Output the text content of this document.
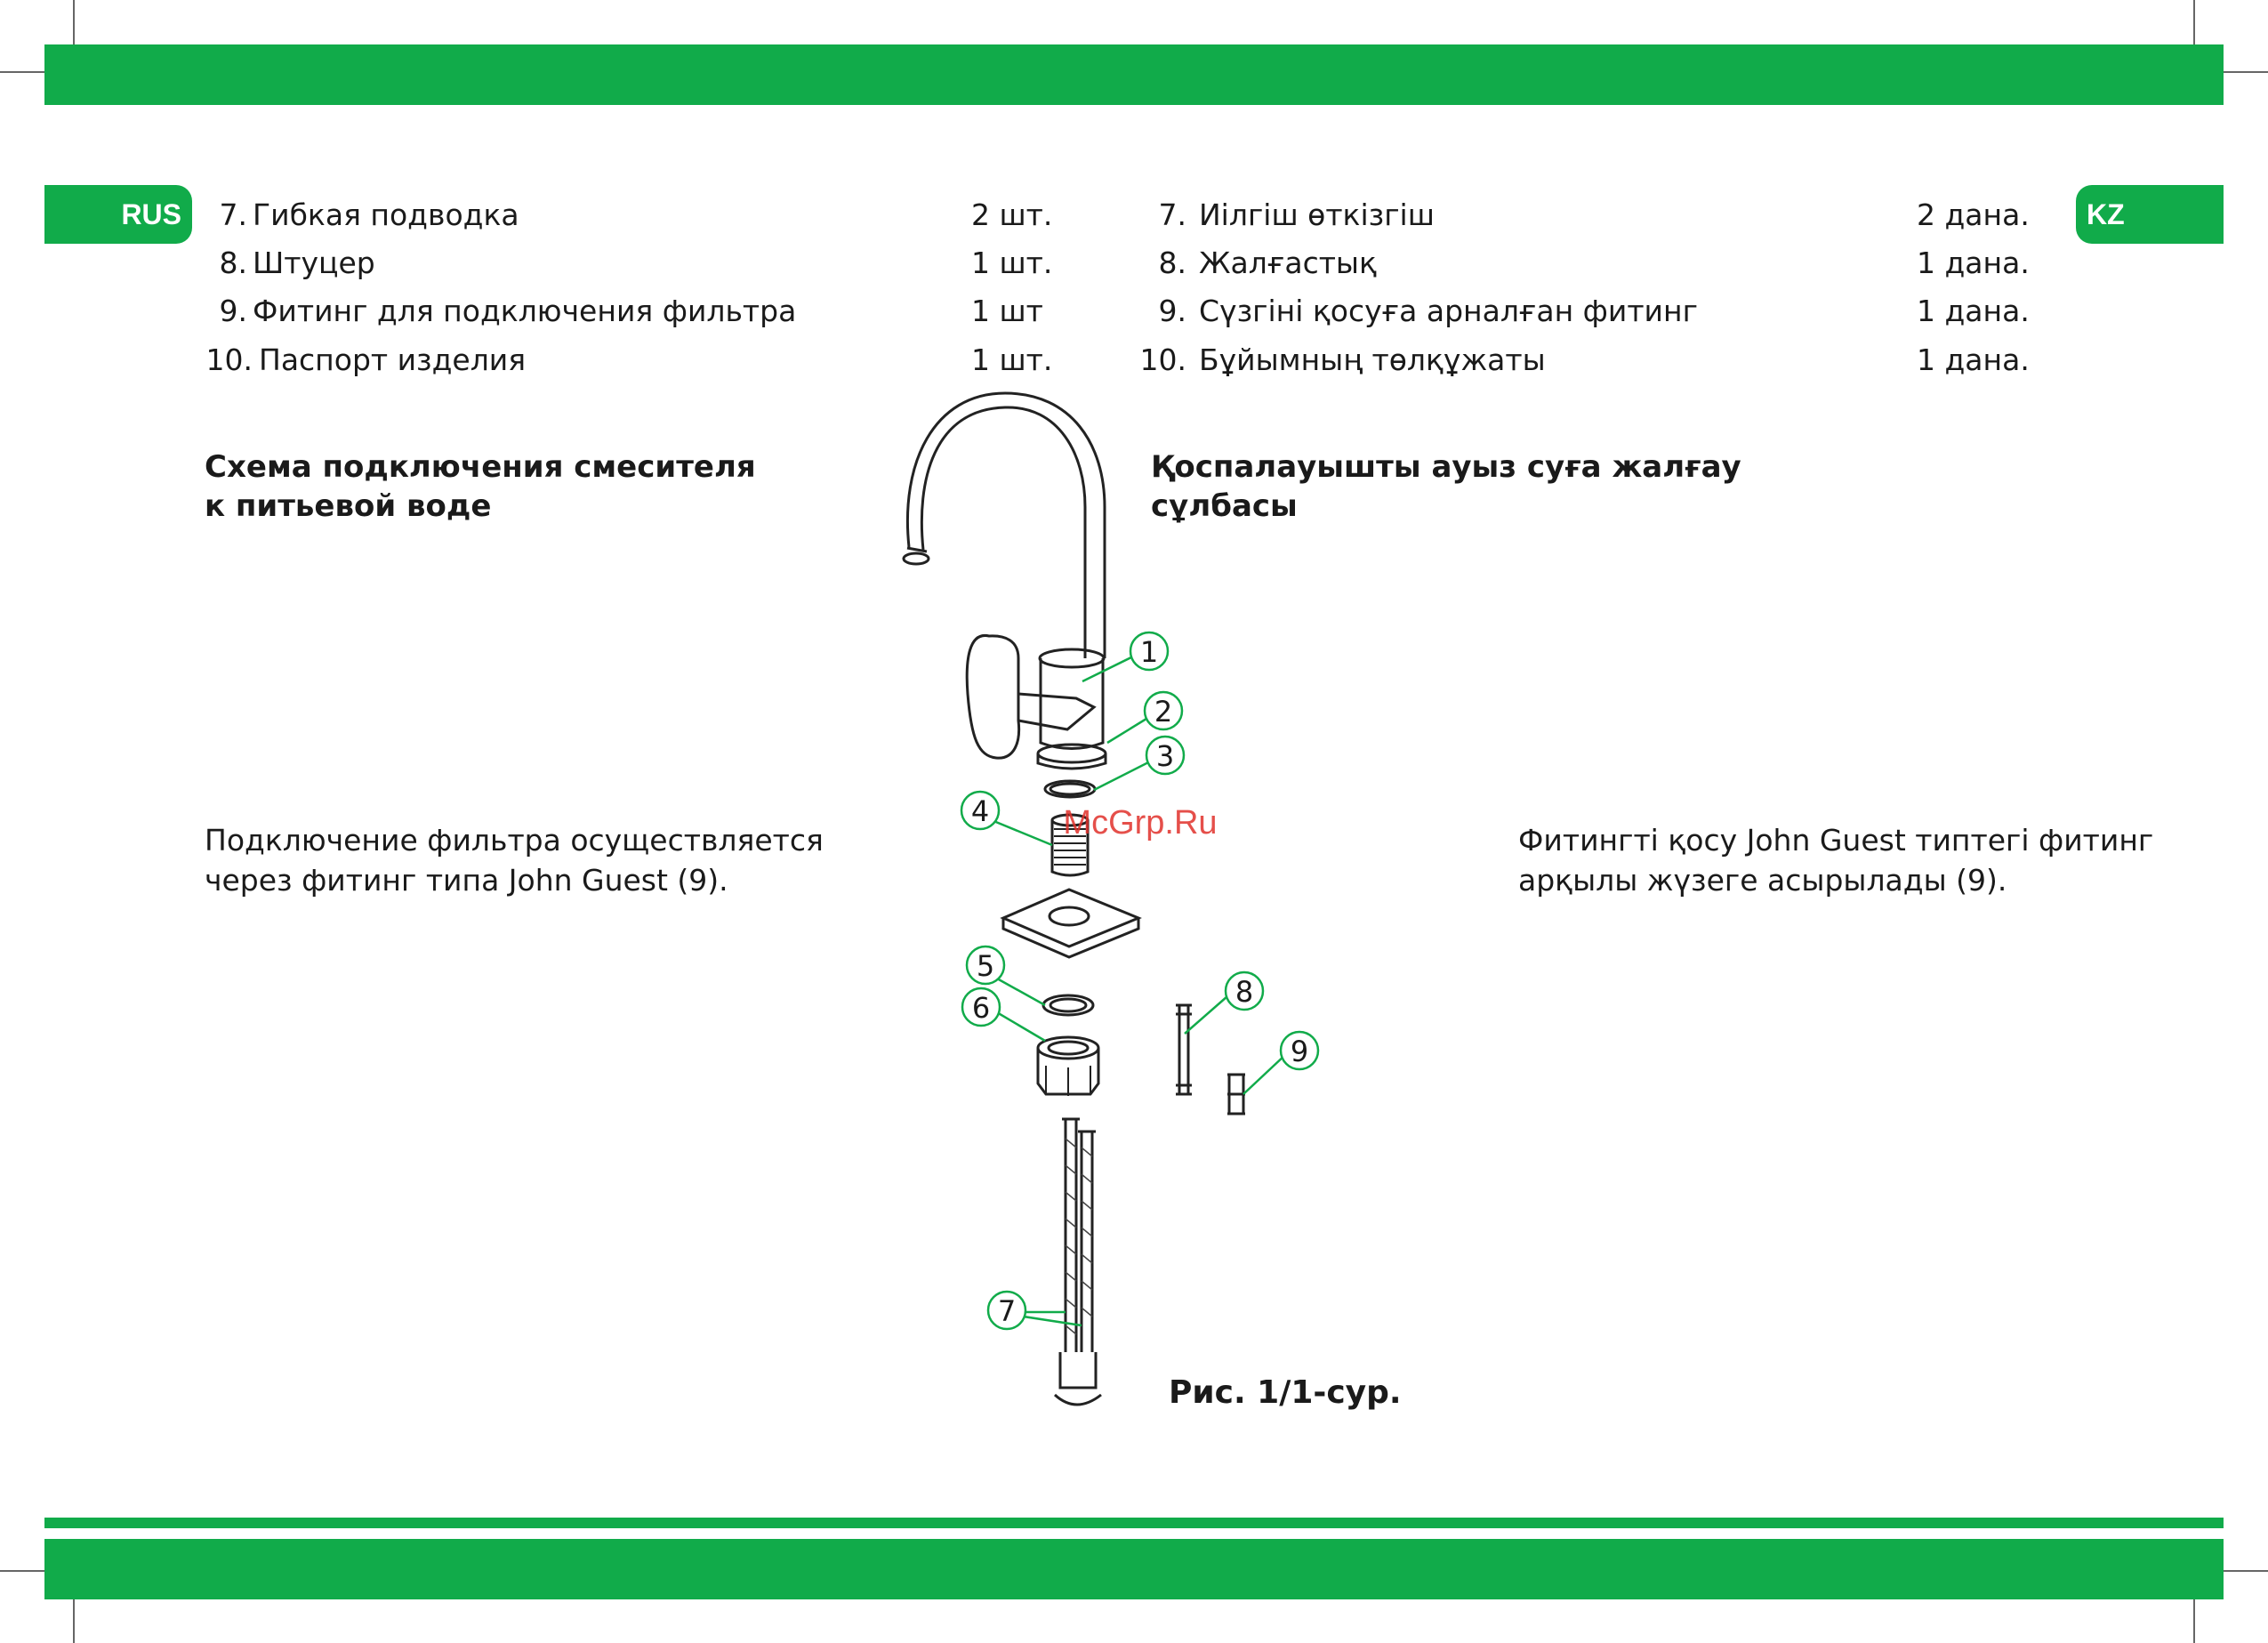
RUS	KZ
7. Гибкая подводка	2 шт.
8. Штуцер	1 шт.
9. Фитинг для подключения фильтра	1 шт
10. Паспорт изделия	1 шт.
7. Иілгіш өткізгіш	2 дана.
8. Жалғастық	1 дана.
9. Сүзгіні қосуға арналған фитинг	1 дана.
10. Бұйымның төлқұжаты	1 дана.
Схема подключения смесителя
к питьевой воде
Қоспалауышты ауыз суға жалғау
сұлбасы
Подключение фильтра осуществляется
через фитинг типа John Guest (9).
Фитингті қосу John Guest типтегі фитинг
арқылы жүзеге асырылады (9).
1
2
3
4
5
6
7
8
9
McGrp.Ru
Рис. 1/1-сур.
